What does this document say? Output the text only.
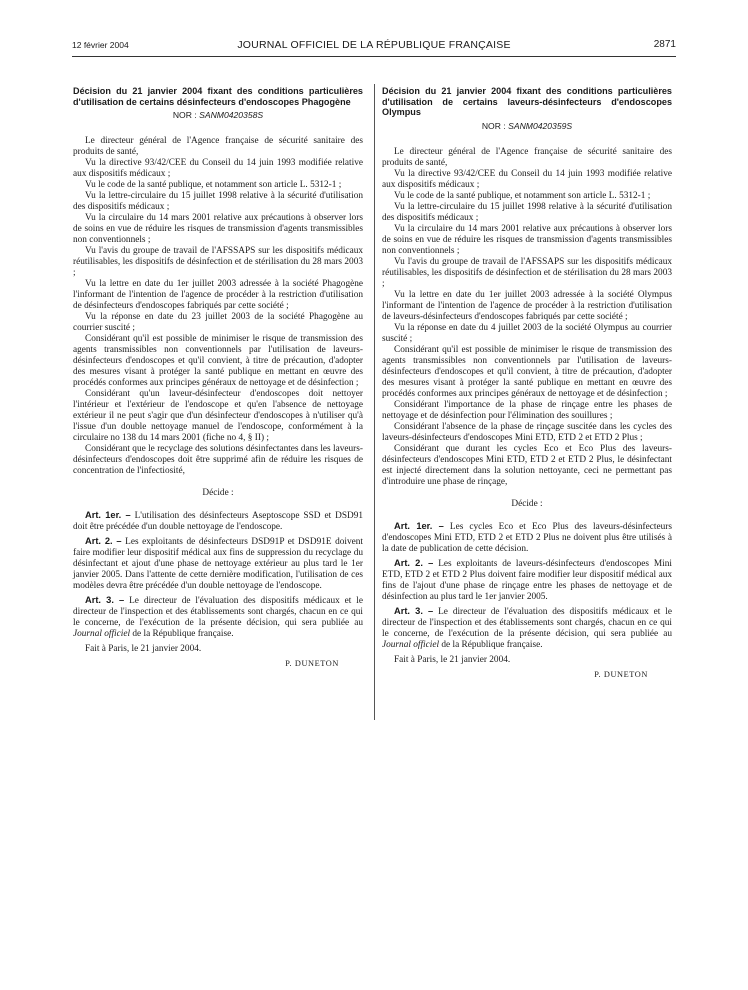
12 février 2004	JOURNAL OFFICIEL DE LA RÉPUBLIQUE FRANÇAISE	2871
Décision du 21 janvier 2004 fixant des conditions particulières d'utilisation de certains désinfecteurs d'endoscopes Phagogène
NOR : SANM0420358S
Le directeur général de l'Agence française de sécurité sanitaire des produits de santé,
Vu la directive 93/42/CEE du Conseil du 14 juin 1993 modifiée relative aux dispositifs médicaux ;
Vu le code de la santé publique, et notamment son article L. 5312-1 ;
Vu la lettre-circulaire du 15 juillet 1998 relative à la sécurité d'utilisation des dispositifs médicaux ;
Vu la circulaire du 14 mars 2001 relative aux précautions à observer lors de soins en vue de réduire les risques de transmission d'agents transmissibles non conventionnels ;
Vu l'avis du groupe de travail de l'AFSSAPS sur les dispositifs médicaux réutilisables, les dispositifs de désinfection et de stérilisation du 28 mars 2003 ;
Vu la lettre en date du 1er juillet 2003 adressée à la société Phagogène l'informant de l'intention de l'agence de procéder à la restriction d'utilisation de désinfecteurs d'endoscopes fabriqués par cette société ;
Vu la réponse en date du 23 juillet 2003 de la société Phagogène au courrier suscité ;
Considérant qu'il est possible de minimiser le risque de transmission des agents transmissibles non conventionnels par l'utilisation de laveurs-désinfecteurs d'endoscopes et qu'il convient, à titre de précaution, d'adopter des mesures visant à protéger la santé publique en mettant en œuvre des procédés conformes aux principes généraux de nettoyage et de désinfection ;
Considérant qu'un laveur-désinfecteur d'endoscopes doit nettoyer l'intérieur et l'extérieur de l'endoscope et qu'en l'absence de nettoyage extérieur il ne peut s'agir que d'un désinfecteur d'endoscopes à n'utiliser qu'à l'issue d'un double nettoyage manuel de l'endoscope, conformément à la circulaire no 138 du 14 mars 2001 (fiche no 4, § II) ;
Considérant que le recyclage des solutions désinfectantes dans les laveurs-désinfecteurs d'endoscopes doit être supprimé afin de réduire les risques de concentration de l'infectiosité,
Décide :
Art. 1er. – L'utilisation des désinfecteurs Aseptoscope SSD et DSD91 doit être précédée d'un double nettoyage de l'endoscope.
Art. 2. – Les exploitants de désinfecteurs DSD91P et DSD91E doivent faire modifier leur dispositif médical aux fins de suppression du recyclage du désinfectant et ajout d'une phase de nettoyage extérieur au plus tard le 1er janvier 2005. Dans l'attente de cette dernière modification, l'utilisation de ces modèles devra être précédée d'un double nettoyage de l'endoscope.
Art. 3. – Le directeur de l'évaluation des dispositifs médicaux et le directeur de l'inspection et des établissements sont chargés, chacun en ce qui le concerne, de l'exécution de la présente décision, qui sera publiée au Journal officiel de la République française.
Fait à Paris, le 21 janvier 2004.
P. DUNETON
Décision du 21 janvier 2004 fixant des conditions particulières d'utilisation de certains laveurs-désinfecteurs d'endoscopes Olympus
NOR : SANM0420359S
Le directeur général de l'Agence française de sécurité sanitaire des produits de santé,
Vu la directive 93/42/CEE du Conseil du 14 juin 1993 modifiée relative aux dispositifs médicaux ;
Vu le code de la santé publique, et notamment son article L. 5312-1 ;
Vu la lettre-circulaire du 15 juillet 1998 relative à la sécurité d'utilisation des dispositifs médicaux ;
Vu la circulaire du 14 mars 2001 relative aux précautions à observer lors de soins en vue de réduire les risques de transmission d'agents transmissibles non conventionnels ;
Vu l'avis du groupe de travail de l'AFSSAPS sur les dispositifs médicaux réutilisables, les dispositifs de désinfection et de stérilisation du 28 mars 2003 ;
Vu la lettre en date du 1er juillet 2003 adressée à la société Olympus l'informant de l'intention de l'agence de procéder à la restriction d'utilisation de laveurs-désinfecteurs d'endoscopes fabriqués par cette société ;
Vu la réponse en date du 4 juillet 2003 de la société Olympus au courrier suscité ;
Considérant qu'il est possible de minimiser le risque de transmission des agents transmissibles non conventionnels par l'utilisation de laveurs-désinfecteurs d'endoscopes et qu'il convient, à titre de précaution, d'adopter des mesures visant à protéger la santé publique en mettant en œuvre des procédés conformes aux principes généraux de nettoyage et de désinfection ;
Considérant l'importance de la phase de rinçage entre les phases de nettoyage et de désinfection pour l'élimination des souillures ;
Considérant l'absence de la phase de rinçage suscitée dans les cycles des laveurs-désinfecteurs d'endoscopes Mini ETD, ETD 2 et ETD 2 Plus ;
Considérant que durant les cycles Eco et Eco Plus des laveurs-désinfecteurs d'endoscopes Mini ETD, ETD 2 et ETD 2 Plus, le désinfectant est injecté directement dans la solution nettoyante, ceci ne permettant pas d'introduire une phase de rinçage,
Décide :
Art. 1er. – Les cycles Eco et Eco Plus des laveurs-désinfecteurs d'endoscopes Mini ETD, ETD 2 et ETD 2 Plus ne doivent plus être utilisés à la date de publication de cette décision.
Art. 2. – Les exploitants de laveurs-désinfecteurs d'endoscopes Mini ETD, ETD 2 et ETD 2 Plus doivent faire modifier leur dispositif médical aux fins de l'ajout d'une phase de rinçage entre les phases de nettoyage et de désinfection au plus tard le 1er janvier 2005.
Art. 3. – Le directeur de l'évaluation des dispositifs médicaux et le directeur de l'inspection et des établissements sont chargés, chacun en ce qui le concerne, de l'exécution de la présente décision, qui sera publiée au Journal officiel de la République française.
Fait à Paris, le 21 janvier 2004.
P. DUNETON
